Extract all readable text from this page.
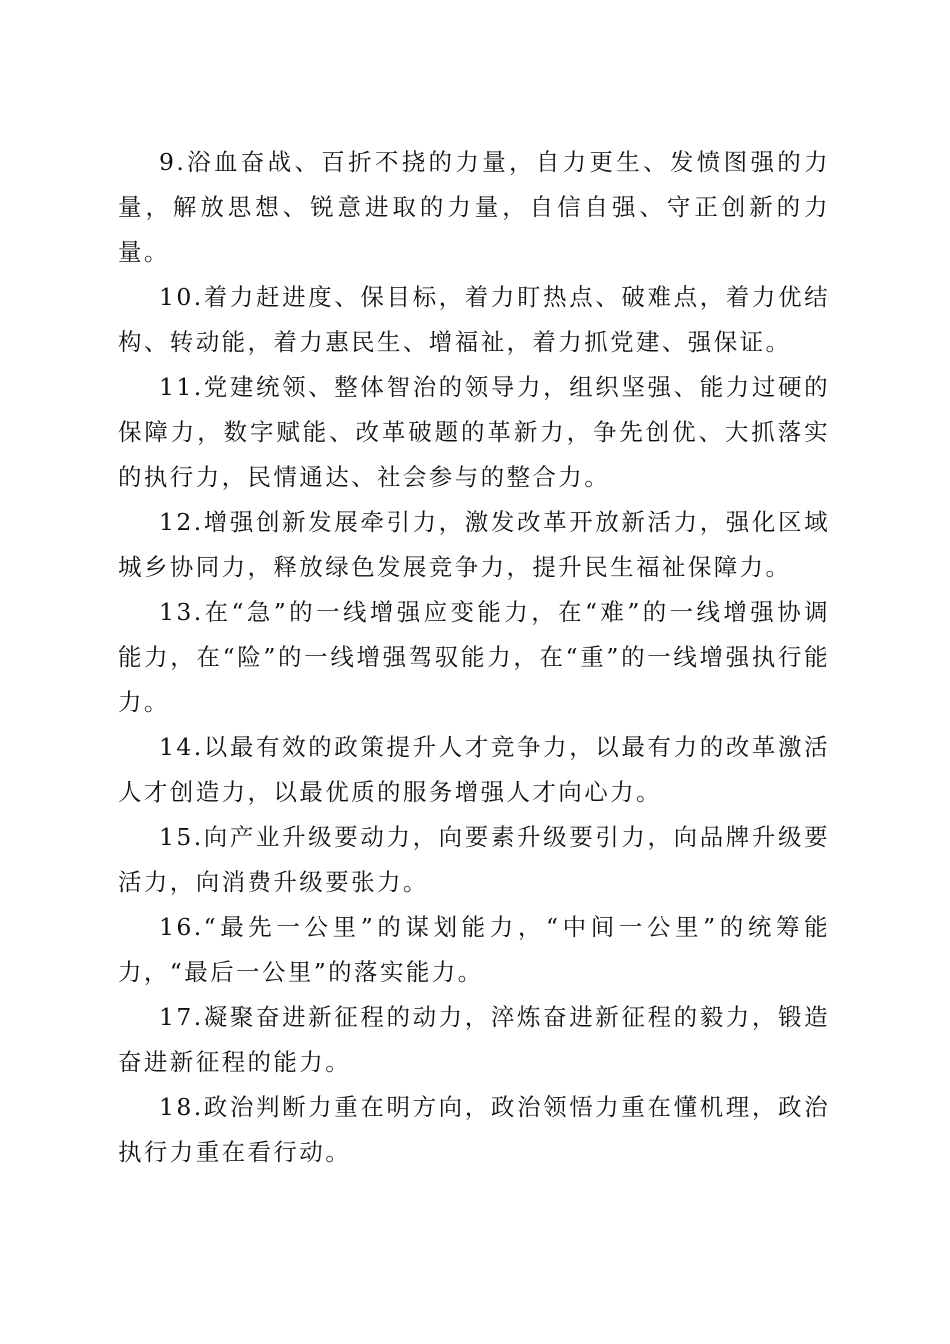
9.浴血奋战、百折不挠的力量，自力更生、发愤图强的力量，解放思想、锐意进取的力量，自信自强、守正创新的力量。

10.着力赶进度、保目标，着力盯热点、破难点，着力优结构、转动能，着力惠民生、增福祉，着力抓党建、强保证。

11.党建统领、整体智治的领导力，组织坚强、能力过硬的保障力，数字赋能、改革破题的革新力，争先创优、大抓落实的执行力，民情通达、社会参与的整合力。

12.增强创新发展牵引力，激发改革开放新活力，强化区域城乡协同力，释放绿色发展竞争力，提升民生福祉保障力。

13.在“急”的一线增强应变能力，在“难”的一线增强协调能力，在“险”的一线增强驾驭能力，在“重”的一线增强执行能力。

14.以最有效的政策提升人才竞争力，以最有力的改革激活人才创造力，以最优质的服务增强人才向心力。

15.向产业升级要动力，向要素升级要引力，向品牌升级要活力，向消费升级要张力。

16.“最先一公里”的谋划能力，“中间一公里”的统筹能力，“最后一公里”的落实能力。

17.凝聚奋进新征程的动力，淬炼奋进新征程的毅力，锻造奋进新征程的能力。

18.政治判断力重在明方向，政治领悟力重在懂机理，政治执行力重在看行动。
